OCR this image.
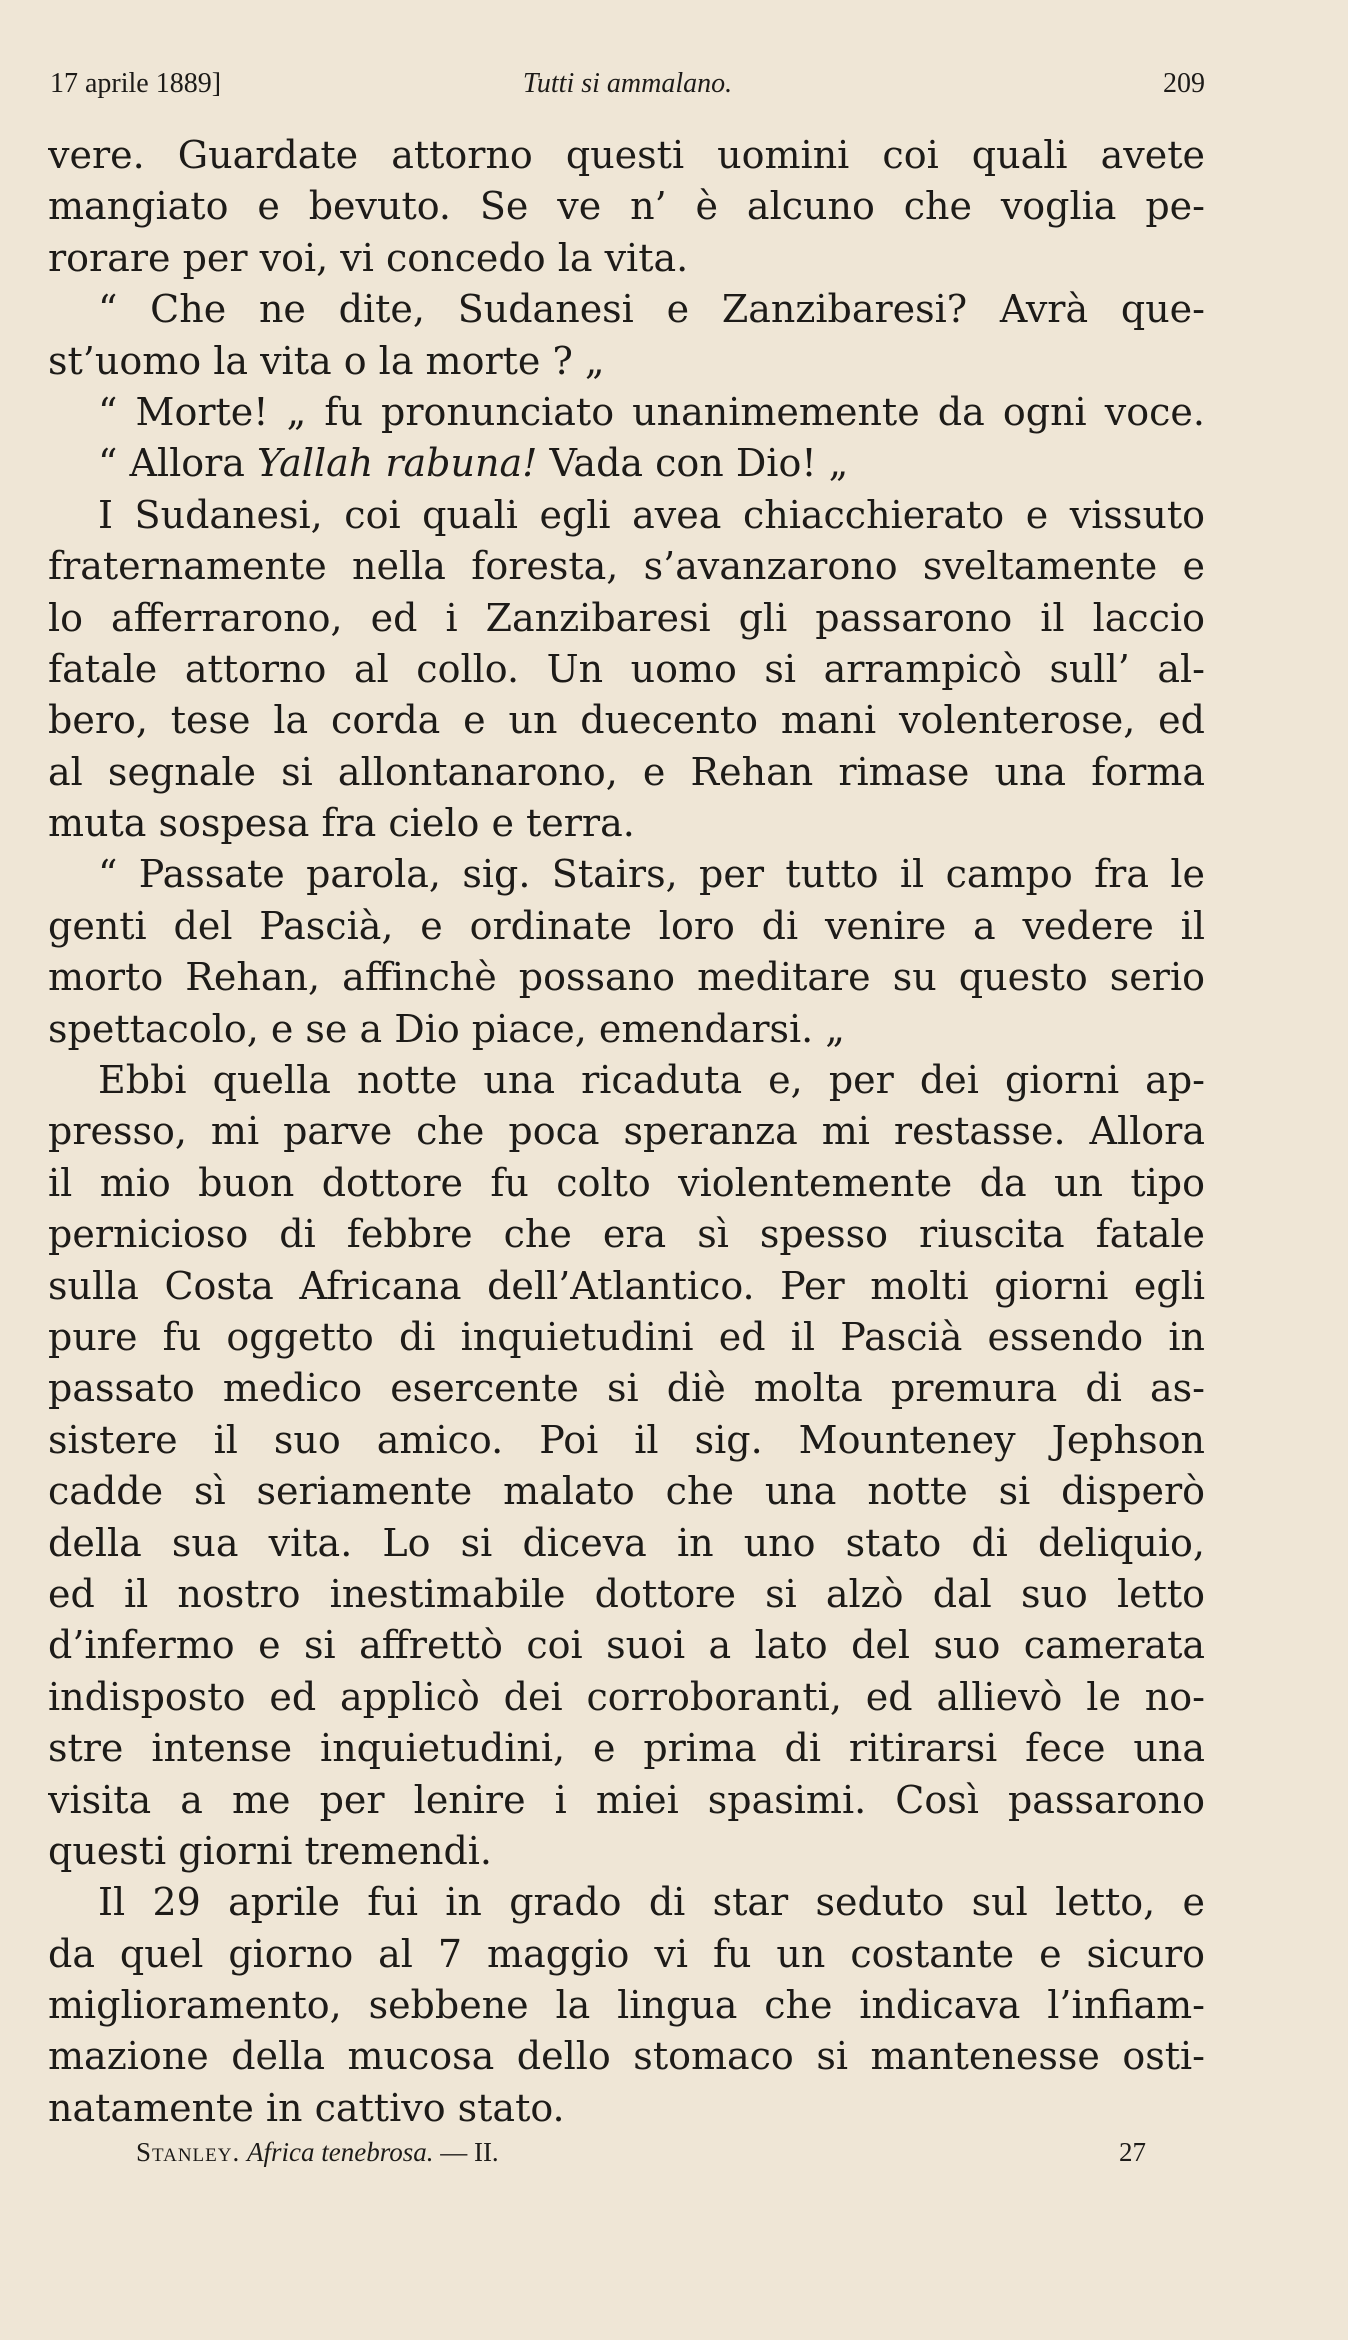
17 aprile 1889]	Tutti si ammalano.	209
vere. Guardate attorno questi uomini coi quali avete
mangiato e bevuto. Se ve n’ è alcuno che voglia pe-
rorare per voi, vi concedo la vita.
“ Che ne dite, Sudanesi e Zanzibaresi? Avrà que-
st’uomo la vita o la morte ? „
“ Morte! „ fu pronunciato unanimemente da ogni voce.
“ Allora Yallah rabuna! Vada con Dio! „
I Sudanesi, coi quali egli avea chiacchierato e vissuto
fraternamente nella foresta, s’avanzarono sveltamente e
lo afferrarono, ed i Zanzibaresi gli passarono il laccio
fatale attorno al collo. Un uomo si arrampicò sull’ al-
bero, tese la corda e un duecento mani volenterose, ed
al segnale si allontanarono, e Rehan rimase una forma
muta sospesa fra cielo e terra.
“ Passate parola, sig. Stairs, per tutto il campo fra le
genti del Pascià, e ordinate loro di venire a vedere il
morto Rehan, affinchè possano meditare su questo serio
spettacolo, e se a Dio piace, emendarsi. „
Ebbi quella notte una ricaduta e, per dei giorni ap-
presso, mi parve che poca speranza mi restasse. Allora
il mio buon dottore fu colto violentemente da un tipo
pernicioso di febbre che era sì spesso riuscita fatale
sulla Costa Africana dell’Atlantico. Per molti giorni egli
pure fu oggetto di inquietudini ed il Pascià essendo in
passato medico esercente si diè molta premura di as-
sistere il suo amico. Poi il sig. Mounteney Jephson
cadde sì seriamente malato che una notte si disperò
della sua vita. Lo si diceva in uno stato di deliquio,
ed il nostro inestimabile dottore si alzò dal suo letto
d’infermo e si affrettò coi suoi a lato del suo camerata
indisposto ed applicò dei corroboranti, ed allievò le no-
stre intense inquietudini, e prima di ritirarsi fece una
visita a me per lenire i miei spasimi. Così passarono
questi giorni tremendi.
Il 29 aprile fui in grado di star seduto sul letto, e
da quel giorno al 7 maggio vi fu un costante e sicuro
miglioramento, sebbene la lingua che indicava l’infiam-
mazione della mucosa dello stomaco si mantenesse osti-
natamente in cattivo stato.
Stanley. Africa tenebrosa. — II.	27
